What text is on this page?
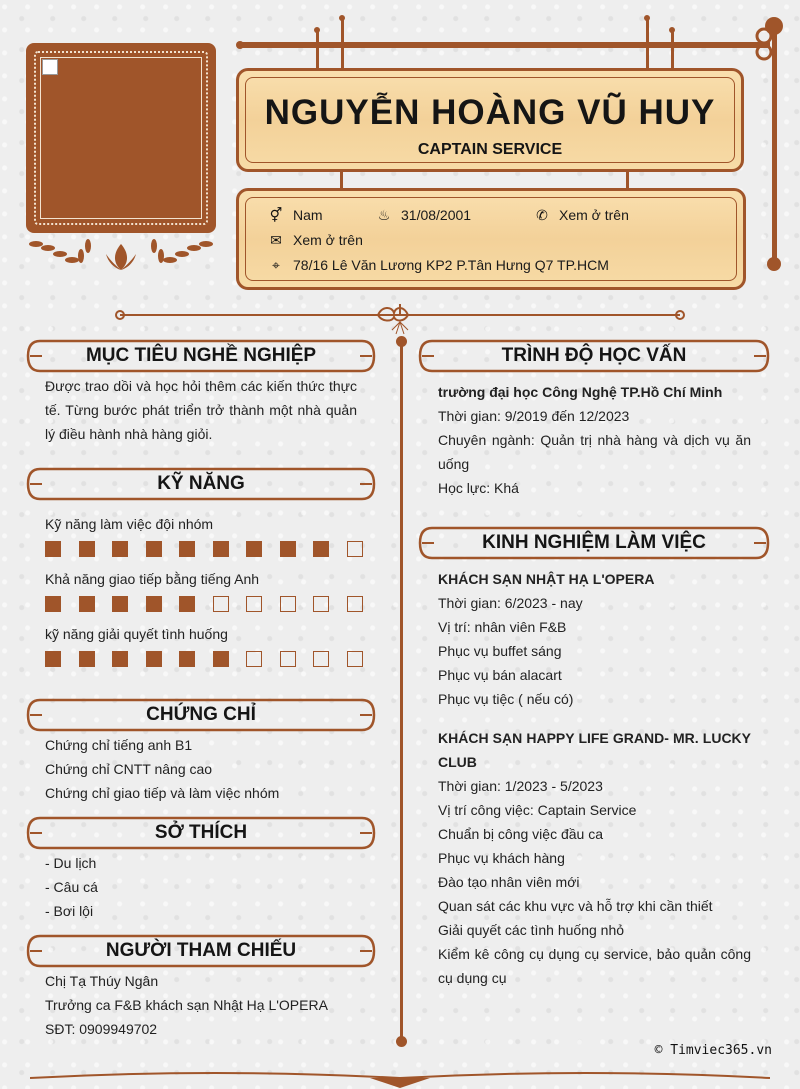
NGUYỄN HOÀNG VŨ HUY
CAPTAIN SERVICE
⚥ Nam	♨ 31/08/2001	✆ Xem ở trên
✉ Xem ở trên
⌖ 78/16 Lê Văn Lương KP2 P.Tân Hưng Q7 TP.HCM
MỤC TIÊU NGHỀ NGHIỆP
Được trao dồi và học hỏi thêm các kiến thức thực tế. Từng bước phát triển trở thành một nhà quản lý điều hành nhà hàng giỏi.
KỸ NĂNG
Kỹ năng làm việc đội nhóm
Khả năng giao tiếp bằng tiếng Anh
kỹ năng giải quyết tình huống
CHỨNG CHỈ
Chứng chỉ tiếng anh B1
Chứng chỉ CNTT nâng cao
Chứng chỉ giao tiếp và làm việc nhóm
SỞ THÍCH
- Du lịch
- Câu cá
- Bơi lội
NGƯỜI THAM CHIẾU
Chị Tạ Thúy Ngân
Trưởng ca F&B khách sạn Nhật Hạ L'OPERA
SĐT: 0909949702
TRÌNH ĐỘ HỌC VẤN
trường đại học Công Nghệ TP.Hồ Chí Minh
Thời gian: 9/2019 đến 12/2023
Chuyên ngành: Quản trị nhà hàng và dịch vụ ăn uống
Học lực: Khá
KINH NGHIỆM LÀM VIỆC
KHÁCH SẠN NHẬT HẠ L'OPERA
Thời gian: 6/2023 - nay
Vị trí: nhân viên F&B
Phục vụ buffet sáng
Phục vụ bán alacart
Phục vụ tiệc ( nếu có)
KHÁCH SẠN HAPPY LIFE GRAND- MR. LUCKY CLUB
Thời gian: 1/2023 - 5/2023
Vị trí công việc: Captain Service
Chuẩn bị công việc đầu ca
Phục vụ khách hàng
Đào tạo nhân viên mới
Quan sát các khu vực và hỗ trợ khi cần thiết
Giải quyết các tình huống nhỏ
Kiểm kê công cụ dụng cụ service, bảo quản công cụ dụng cụ
© Timviec365.vn
